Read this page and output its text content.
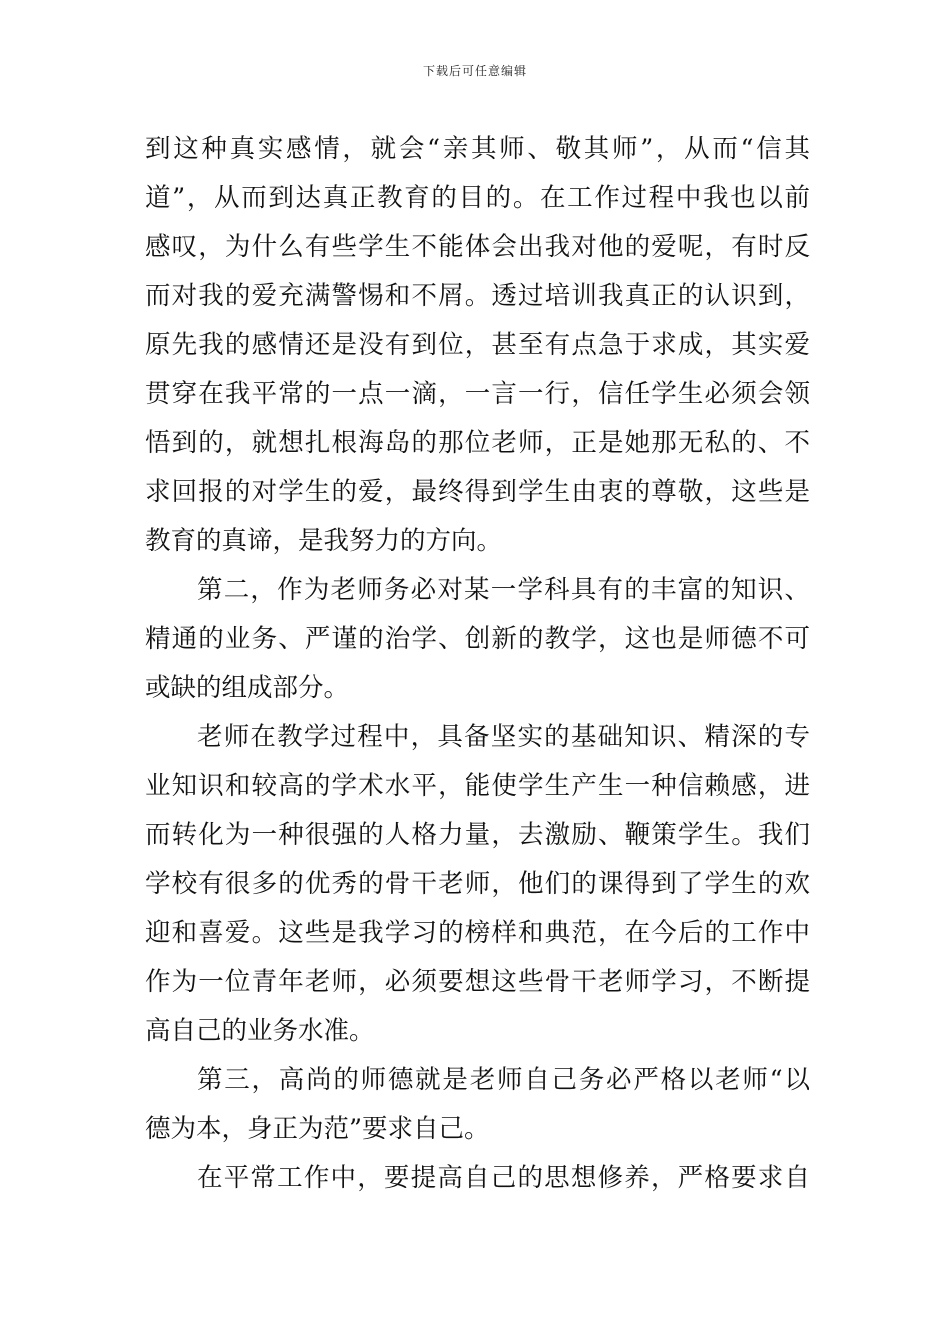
下载后可任意编辑
到这种真实感情，就会“亲其师、敬其师”，从而“信其
道”，从而到达真正教育的目的。在工作过程中我也以前
感叹，为什么有些学生不能体会出我对他的爱呢，有时反
而对我的爱充满警惕和不屑。透过培训我真正的认识到，
原先我的感情还是没有到位，甚至有点急于求成，其实爱
贯穿在我平常的一点一滴，一言一行，信任学生必须会领
悟到的，就想扎根海岛的那位老师，正是她那无私的、不
求回报的对学生的爱，最终得到学生由衷的尊敬，这些是
教育的真谛，是我努力的方向。
第二，作为老师务必对某一学科具有的丰富的知识、
精通的业务、严谨的治学、创新的教学，这也是师德不可
或缺的组成部分。
老师在教学过程中，具备坚实的基础知识、精深的专
业知识和较高的学术水平，能使学生产生一种信赖感，进
而转化为一种很强的人格力量，去激励、鞭策学生。我们
学校有很多的优秀的骨干老师，他们的课得到了学生的欢
迎和喜爱。这些是我学习的榜样和典范，在今后的工作中
作为一位青年老师，必须要想这些骨干老师学习，不断提
高自己的业务水准。
第三，高尚的师德就是老师自己务必严格以老师“以
德为本，身正为范”要求自己。
在平常工作中，要提高自己的思想修养，严格要求自
